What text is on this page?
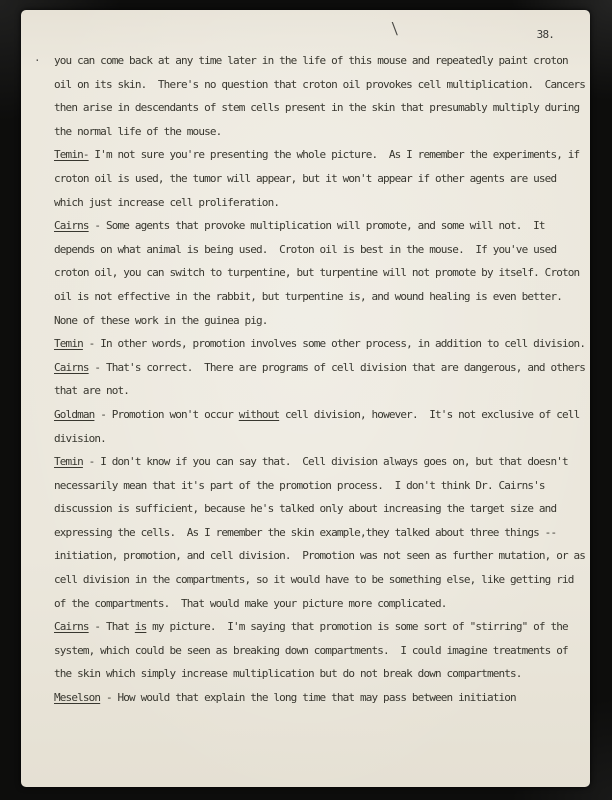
38.
\
· you can come back at any time later in the life of this mouse and repeatedly paint croton oil on its skin.  There's no question that croton oil provokes cell multiplication.  Cancers then arise in descendants of stem cells present in the skin that presumably multiply during the normal life of the mouse.

Temin- I'm not sure you're presenting the whole picture.  As I remember the experiments, if croton oil is used, the tumor will appear, but it won't appear if other agents are used which just increase cell proliferation.

Cairns - Some agents that provoke multiplication will promote, and some will not.  It depends on what animal is being used.  Croton oil is best in the mouse.  If you've used croton oil, you can switch to turpentine, but turpentine will not promote by itself. Croton oil is not effective in the rabbit, but turpentine is, and wound healing is even better.  None of these work in the guinea pig.

Temin - In other words, promotion involves some other process, in addition to cell division.

Cairns - That's correct.  There are programs of cell division that are dangerous, and others that are not.

Goldman - Promotion won't occur without cell division, however.  It's not exclusive of cell division.

Temin - I don't know if you can say that.  Cell division always goes on, but that doesn't necessarily mean that it's part of the promotion process.  I don't think Dr. Cairns's discussion is sufficient, because he's talked only about increasing the target size and expressing the cells.  As I remember the skin example,they talked about three things -- initiation, promotion, and cell division.  Promotion was not seen as further mutation, or as cell division in the compartments, so it would have to be something else, like getting rid of the compartments.  That would make your picture more complicated.

Cairns - That is my picture.  I'm saying that promotion is some sort of "stirring" of the system, which could be seen as breaking down compartments.  I could imagine treatments of the skin which simply increase multiplication but do not break down compartments.

Meselson - How would that explain the long time that may pass between initiation
